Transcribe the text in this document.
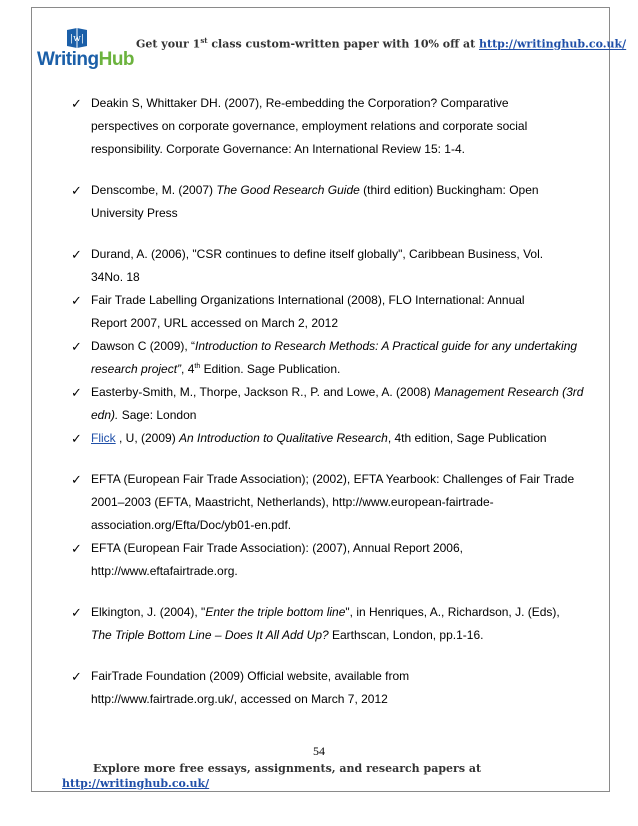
|w|
WritingHub
Get your 1st class custom-written paper with 10% off at http://writinghub.co.uk/
✓ Deakin S, Whittaker DH. (2007), Re-embedding the Corporation? Comparative
perspectives on corporate governance, employment relations and corporate social
responsibility. Corporate Governance: An International Review 15: 1-4.
✓ Denscombe, M. (2007) The Good Research Guide (third edition) Buckingham: Open
University Press
✓ Durand, A. (2006), "CSR continues to define itself globally", Caribbean Business, Vol.
34No. 18
✓ Fair Trade Labelling Organizations International (2008), FLO International: Annual
Report 2007, URL accessed on March 2, 2012
✓ Dawson C (2009), “Introduction to Research Methods: A Practical guide for any undertaking
research project”, 4th Edition. Sage Publication.
✓ Easterby-Smith, M., Thorpe, Jackson R., P. and Lowe, A. (2008) Management Research (3rd
edn). Sage: London
✓ Flick , U, (2009) An Introduction to Qualitative Research, 4th edition, Sage Publication
✓ EFTA (European Fair Trade Association); (2002), EFTA Yearbook: Challenges of Fair Trade
2001–2003 (EFTA, Maastricht, Netherlands), http://www.european-fairtrade-
association.org/Efta/Doc/yb01-en.pdf.
✓ EFTA (European Fair Trade Association): (2007), Annual Report 2006,
http://www.eftafairtrade.org.
✓ Elkington, J. (2004), "Enter the triple bottom line", in Henriques, A., Richardson, J. (Eds),
The Triple Bottom Line – Does It All Add Up? Earthscan, London, pp.1-16.
✓ FairTrade Foundation (2009) Official website, available from
http://www.fairtrade.org.uk/, accessed on March 7, 2012
54
Explore more free essays, assignments, and research papers at
http://writinghub.co.uk/
